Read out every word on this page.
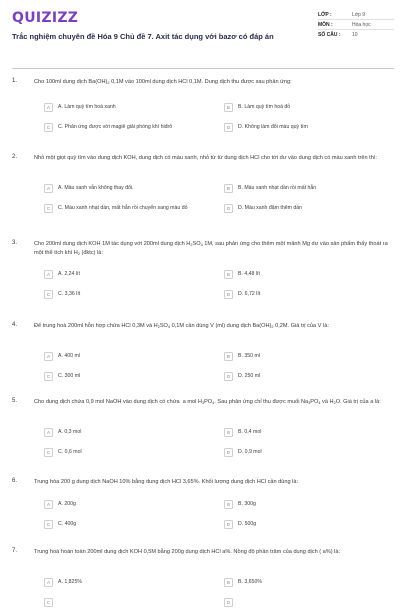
QUIZIZZ
Trắc nghiệm chuyên đề Hóa 9 Chủ đề 7. Axit tác dụng với bazơ có đáp án
LỚP :	Lớp 9
MÔN :	Hóa học
SỐ CÂU :	10
1.	Cho 100ml dung dịch $Ba(OH)_2$ 0,1M vào 100ml dung dịch HCl 0,1M. Dung dịch thu được sau phản ứng:
A	A. Làm quỳ tím hoá xanh	B	B. Làm quỳ tím hoá đỏ
C	C. Phản ứng được với magiê giải phóng khí hiđrô	D	D. Không làm đổi màu quỳ tím
2.	Nhỏ một giọt quỳ tím vào dung dịch KOH, dung dịch có màu xanh, nhỏ từ từ dung dịch HCl cho tới dư vào dung dịch có màu xanh trên thì:
A	A. Màu xanh vẫn không thay đổi.	B	B. Màu xanh nhạt dần rồi mất hẳn
C	C. Màu xanh nhạt dần, mất hẳn rồi chuyển sang màu đỏ	D	D. Màu xanh đậm thêm dần
3.	Cho 200ml dung dịch KOH 1M tác dụng với 200ml dung dịch $H_2SO_4$ 1M, sau phản ứng cho thêm một mảnh Mg dư vào sản phẩm thấy thoát ra một thể tích khí $H_2$ (đktc) là:
A	A. 2,24 lít	B	B. 4,48 lít
C	C. 3,36 lít	D	D. 6,72 lít
4.	Để trung hoà 200ml hỗn hợp chứa HCl 0,3M và $H_2SO_4$ 0,1M cần dùng V (ml) dung dịch $Ba(OH)_2$ 0,2M. Giá trị của V là:
A	A. 400 ml	B	B. 350 ml
C	C. 300 ml	D	D. 250 ml
5.	Cho dung dịch chứa 0,9 mol NaOH vào dung dịch có chứa  a mol $H_3PO_4$. Sau phản ứng chỉ thu được muối $Na_3PO_4$ và $H_2O$. Giá trị của a là:
A	A. 0,3 mol	B	B. 0,4 mol
C	C. 0,6 mol	D	D. 0,9 mol
6.	Trung hòa 200 g dung dịch NaOH 10% bằng dung dịch HCl 3,65%. Khối lượng dung dịch HCl cần dùng là:
A	A. 200g	B	B. 300g
C	C. 400g	D	D. 500g
7.	Trung hoà hoàn toàn 200ml dung dịch KOH 0,5M bằng 200g dung dịch HCl a%. Nồng độ phần trăm của dung dịch ( a%) là:
A	A. 1,825%	B	B. 3,650%
C	D
